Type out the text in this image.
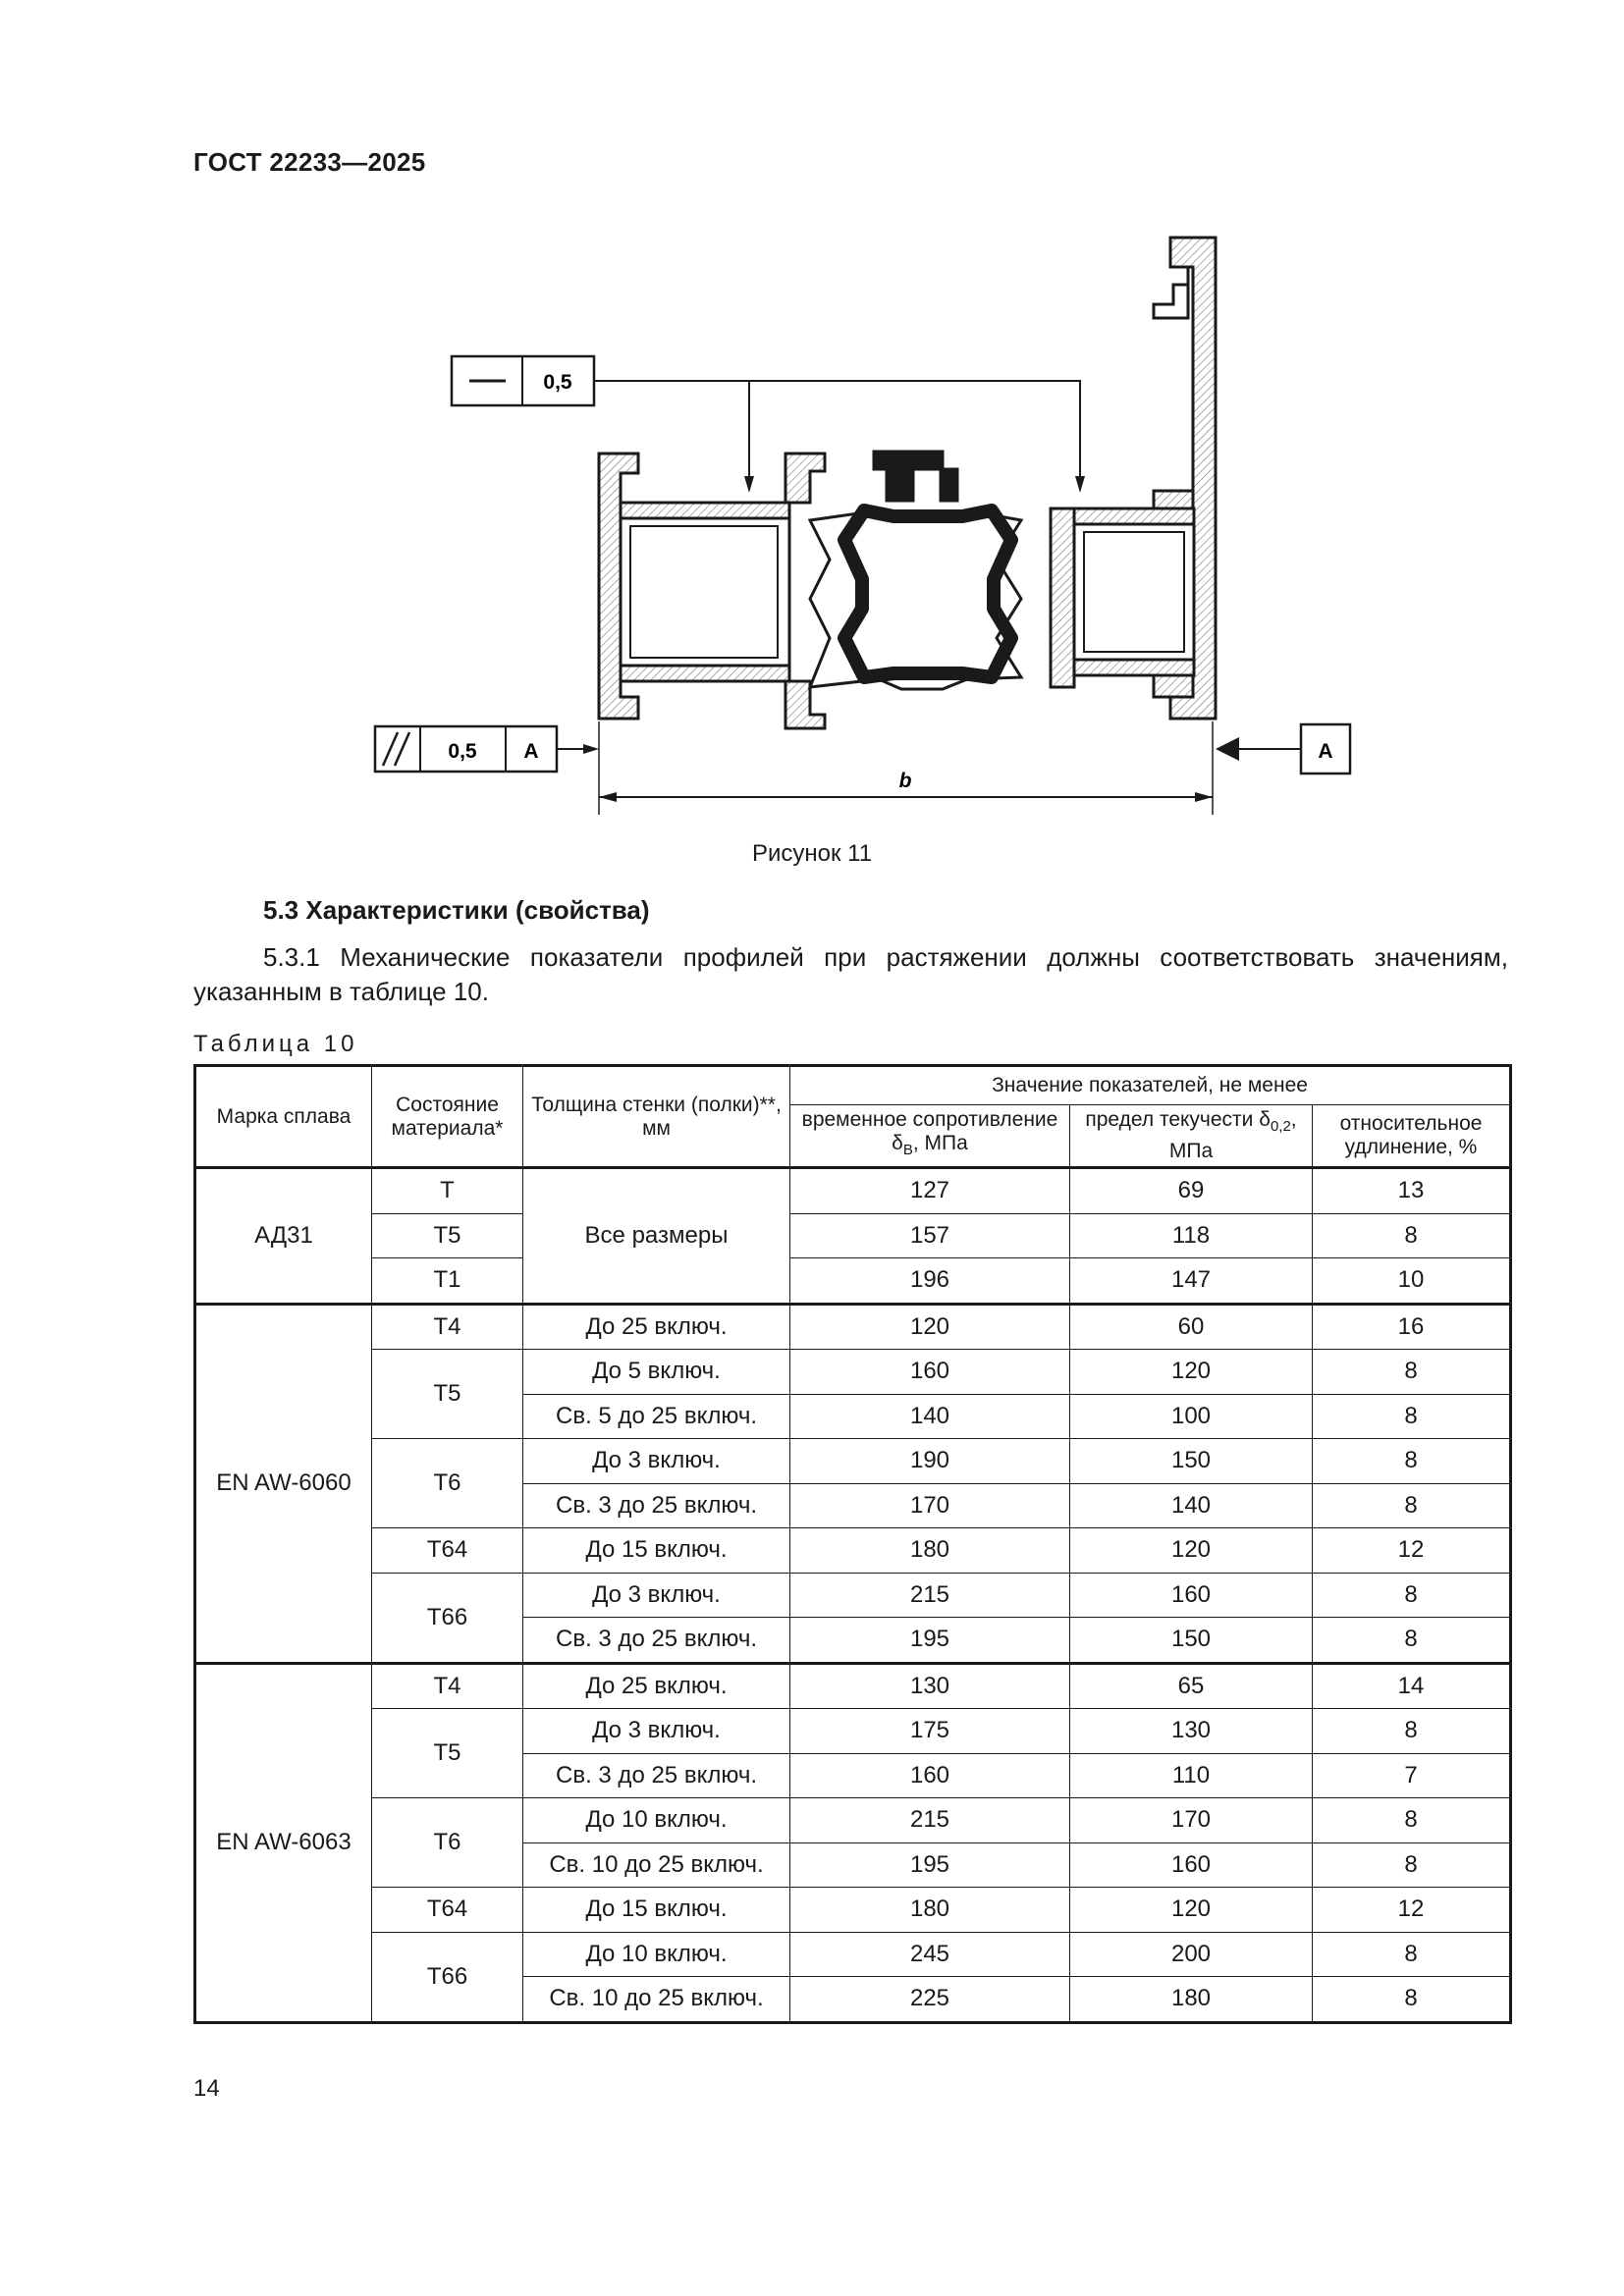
ГОСТ 22233—2025
0,5
0,5 A
b
A
Рисунок 11
5.3 Характеристики (свойства)
5.3.1 Механические показатели профилей при растяжении должны соответствовать значениям, указанным в таблице 10.
Таблица 10
Марка сплава	Состояние материала*	Толщина стенки (полки)**, мм	Значение показателей, не менее		
			временное сопротивление $\delta_В$, МПа	предел текучести $\delta_{0,2}$, МПа	относительное удлинение, %
АД31	Т	Все размеры	127	69	13
	Т5		157	118	8
	Т1		196	147	10
EN AW-6060	Т4	До 25 включ.	120	60	16
	Т5	До 5 включ.	160	120	8
		Св. 5 до 25 включ.	140	100	8
	Т6	До 3 включ.	190	150	8
		Св. 3 до 25 включ.	170	140	8
	Т64	До 15 включ.	180	120	12
	Т66	До 3 включ.	215	160	8
		Св. 3 до 25 включ.	195	150	8
EN AW-6063	Т4	До 25 включ.	130	65	14
	Т5	До 3 включ.	175	130	8
		Св. 3 до 25 включ.	160	110	7
	Т6	До 10 включ.	215	170	8
		Св. 10 до 25 включ.	195	160	8
	Т64	До 15 включ.	180	120	12
	Т66	До 10 включ.	245	200	8
		Св. 10 до 25 включ.	225	180	8
14
